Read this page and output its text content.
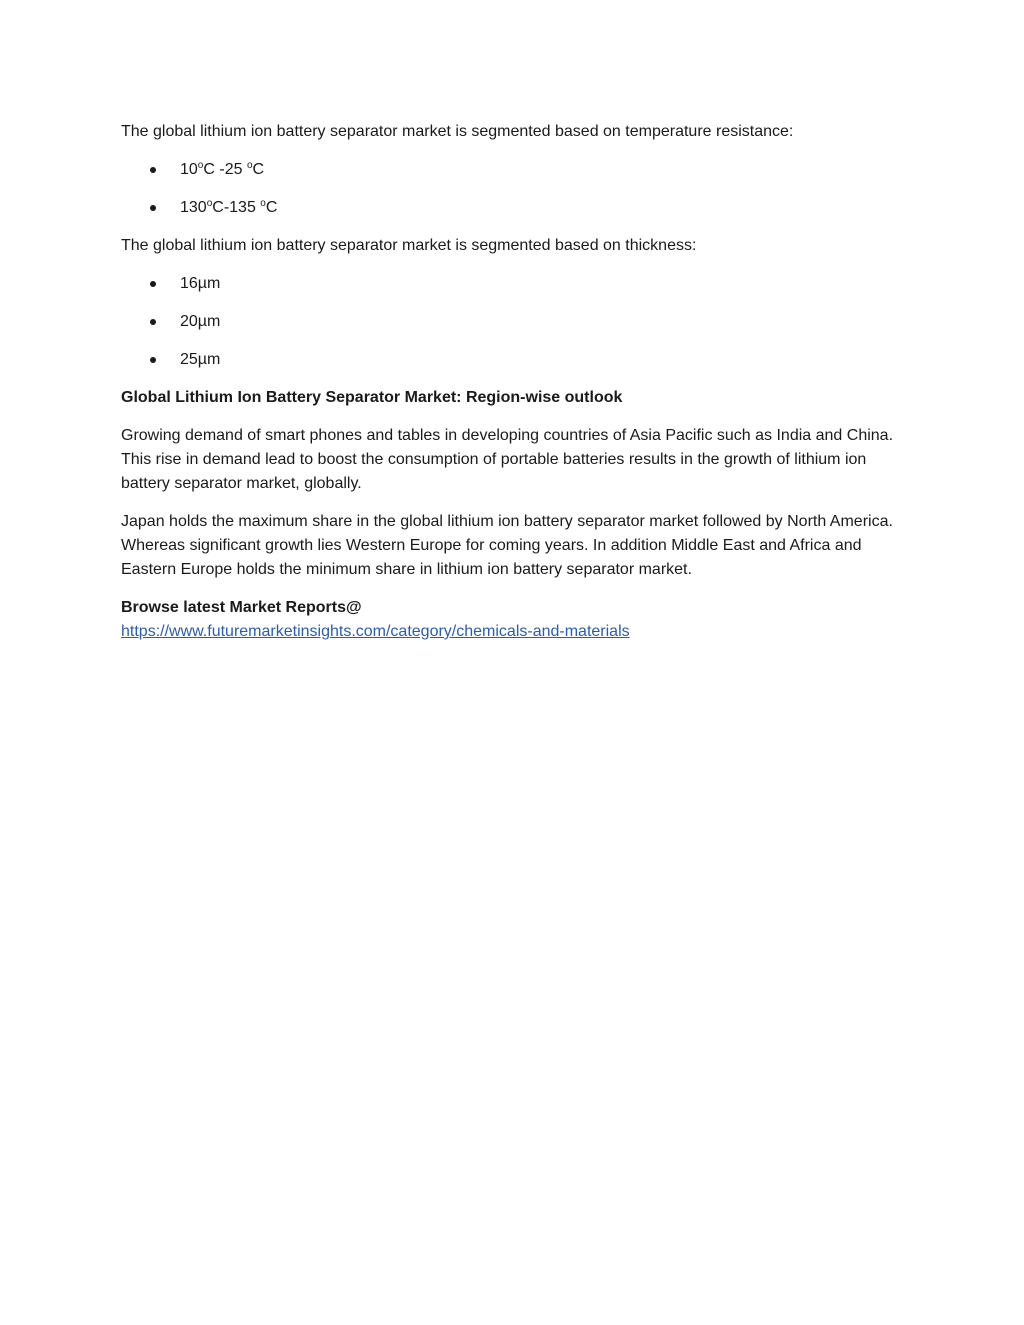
The global lithium ion battery separator market is segmented based on temperature resistance:

10$^o$C -25 $^o$C
130$^o$C-135 $^o$C

The global lithium ion battery separator market is segmented based on thickness:

16µm
20µm
25µm

Global Lithium Ion Battery Separator Market: Region-wise outlook

Growing demand of smart phones and tables in developing countries of Asia Pacific such as India and China. This rise in demand lead to boost the consumption of portable batteries results in the growth of lithium ion battery separator market, globally.

Japan holds the maximum share in the global lithium ion battery separator market followed by North America. Whereas significant growth lies Western Europe for coming years. In addition Middle East and Africa and Eastern Europe holds the minimum share in lithium ion battery separator market.

Browse latest Market Reports@
https://www.futuremarketinsights.com/category/chemicals-and-materials
